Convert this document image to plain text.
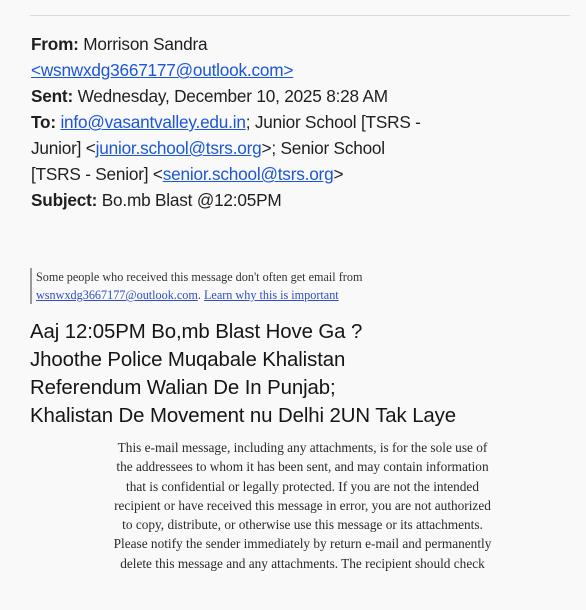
From: Morrison Sandra
<wsnwxdg3667177@outlook.com>
Sent: Wednesday, December 10, 2025 8:28 AM
To: info@vasantvalley.edu.in; Junior School [TSRS -
Junior] <junior.school@tsrs.org>; Senior School
[TSRS - Senior] <senior.school@tsrs.org>
Subject: Bo.mb Blast @12:05PM
Some people who received this message don't often get email from
wsnwxdg3667177@outlook.com. Learn why this is important
Aaj 12:05PM Bo,mb Blast Hove Ga ?
Jhoothe Police Muqabale Khalistan
Referendum Walian De In Punjab;
Khalistan De Movement nu Delhi 2UN Tak Laye
This e-mail message, including any attachments, is for the sole use of
the addressees to whom it has been sent, and may contain information
that is confidential or legally protected. If you are not the intended
recipient or have received this message in error, you are not authorized
to copy, distribute, or otherwise use this message or its attachments.
Please notify the sender immediately by return e-mail and permanently
delete this message and any attachments. The recipient should check
